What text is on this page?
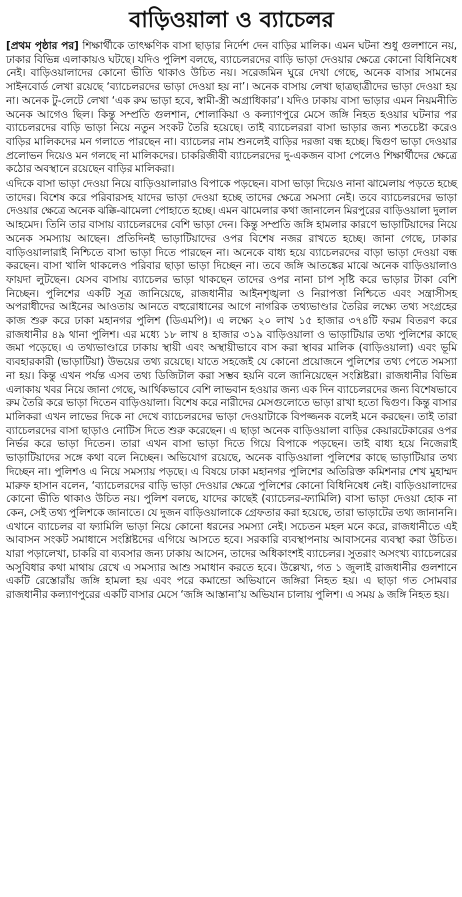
বাড়িওয়ালা ও ব্যাচেলর

[প্রথম পৃষ্ঠার পর] শিক্ষার্থীকে তাৎক্ষণিক বাসা ছাড়ার নির্দেশ দেন বাড়ির মালিক। এমন ঘটনা শুধু গুলশানে নয়, ঢাকার বিভিন্ন এলাকায়ও ঘটছে। যদিও পুলিশ বলছে, ব্যাচেলরদের বাড়ি ভাড়া দেওয়ার ক্ষেত্রে কোনো বিধিনিষেধ নেই। বাড়িওয়ালাদের কোনো ভীতি থাকাও উচিত নয়। সরেজমিন ঘুরে দেখা গেছে, অনেক বাসার সামনের সাইনবোর্ড লেখা রয়েছে ‘ব্যাচেলরদের ভাড়া দেওয়া হয় না’। অনেক বাসায় লেখা ছাত্রছাত্রীদের ভাড়া দেওয়া হয় না। অনেক টু-লেটে লেখা ‘এক রুম ভাড়া হবে, স্বামী-স্ত্রী অগ্রাধিকার’। যদিও ঢাকায় বাসা ভাড়ার এমন নিয়মনীতি অনেক আগেও ছিল। কিন্তু সম্প্রতি গুলশান, শোলাকিয়া ও কল্যাণপুরে মেসে জঙ্গি নিহত হওয়ার ঘটনার পর ব্যাচেলরদের বাড়ি ভাড়া নিয়ে নতুন সংকট তৈরি হয়েছে। তাই ব্যাচেলররা বাসা ভাড়ার জন্য শতচেষ্টা করেও বাড়ির মালিকদের মন গলাতে পারছেন না। ব্যাচেলর নাম শুনলেই বাড়ির দরজা বন্ধ হচ্ছে। দ্বিগুণ ভাড়া দেওয়ার প্রলোভন দিয়েও মন গলছে না মালিকদের। চাকরিজীবী ব্যাচেলরদের দু-একজন বাসা পেলেও শিক্ষার্থীদের ক্ষেত্রে কঠোর অবস্থানে রয়েছেন বাড়ির মালিকরা।

এদিকে বাসা ভাড়া দেওয়া নিয়ে বাড়িওয়ালারাও বিপাকে পড়ছেন। বাসা ভাড়া দিয়েও নানা ঝামেলায় পড়তে হচ্ছে তাদের। বিশেষ করে পরিবারসহ যাদের ভাড়া দেওয়া হচ্ছে তাদের ক্ষেত্রে সমস্যা নেই। তবে ব্যাচেলরদের ভাড়া দেওয়ার ক্ষেত্রে অনেক ঝক্কি-ঝামেলা পোহাতে হচ্ছে। এমন ঝামেলার কথা জানালেন মিরপুরের বাড়িওয়ালা দুলাল আহমেদ। তিনি তার বাসায় ব্যাচেলরদের বেশি ভাড়া দেন। কিন্তু সম্প্রতি জঙ্গি হামলার কারণে ভাড়াটিয়াদের নিয়ে অনেক সমস্যায় আছেন। প্রতিদিনই ভাড়াটিয়াদের ওপর বিশেষ নজর রাখতে হচ্ছে। জানা গেছে, ঢাকার বাড়িওয়ালারাই নিশ্চিতে বাসা ভাড়া দিতে পারছেন না। অনেকে বাধ্য হয়ে ব্যাচেলরদের বাড়া ভাড়া দেওয়া বন্ধ করছেন। বাসা খালি থাকলেও পরিবার ছাড়া ভাড়া দিচ্ছেন না। তবে জঙ্গি আতঙ্কের মাঝে অনেক বাড়িওয়ালাও ফায়দা লুটছেন। যেসব বাসায় ব্যাচেলর ভাড়া থাকছেন তাদের ওপর নানা চাপ সৃষ্টি করে ভাড়ার টাকা বেশি নিচ্ছেন। পুলিশের একটি সূত্র জানিয়েছে, রাজধানীর আইনশৃঙ্খলা ও নিরাপত্তা নিশ্চিতে এবং সন্ত্রাসীসহ অপরাধীদের আইনের আওতায় আনতে বহুরোধানের আগে নাগরিক তথ্যভাণ্ডার তৈরির লক্ষ্যে তথ্য সংগ্রহের কাজ শুরু করে ঢাকা মহানগর পুলিশ (ডিএমপি)। এ লক্ষ্যে ২০ লাখ ১৫ হাজার ৩৭৪টি ফরম বিতরণ করে রাজধানীর ৪৯ থানা পুলিশ। এর মধ্যে ১৮ লাখ ৪ হাজার ৩১৯ বাড়িওয়ালা ও ভাড়াটিয়ার তথ্য পুলিশের কাছে জমা পড়েছে। এ তথ্যভাণ্ডারে ঢাকায় স্থায়ী এবং অস্থায়ীভাবে বাস করা স্থাবর মালিক (বাড়িওয়ালা) এবং ভূমি ব্যবহারকারী (ভাড়াটিয়া) উভয়ের তথ্য রয়েছে। যাতে সহজেই যে কোনো প্রয়োজনে পুলিশের তথ্য পেতে সমস্যা না হয়। কিন্তু এখন পর্যন্ত এসব তথ্য ডিজিটাল করা সম্ভব হয়নি বলে জানিয়েছেন সংশ্লিষ্টরা। রাজধানীর বিভিন্ন এলাকায় খবর নিয়ে জানা গেছে, আর্থিকভাবে বেশি লাভবান হওয়ার জন্য এক দিন ব্যাচেলরদের জন্য বিশেষভাবে রুম তৈরি করে ভাড়া দিতেন বাড়িওয়ালা। বিশেষ করে নারীদের মেসগুলোতে ভাড়া রাখা হতো দ্বিগুণ। কিন্তু বাসার মালিকরা এখন লাভের দিকে না দেখে ব্যাচেলরদের ভাড়া দেওয়াটাকে বিপজ্জনক বলেই মনে করছেন। তাই তারা ব্যাচেলরদের বাসা ছাড়াও নোটিস দিতে শুরু করেছেন। এ ছাড়া অনেক বাড়িওয়ালা বাড়ির কেয়ারটেকারের ওপর নির্ভর করে ভাড়া দিতেন। তারা এখন বাসা ভাড়া দিতে গিয়ে বিপাকে পড়ছেন। তাই বাধ্য হয়ে নিজেরাই ভাড়াটিয়াদের সঙ্গে কথা বলে নিচ্ছেন। অভিযোগ রয়েছে, অনেক বাড়িওয়ালা পুলিশের কাছে ভাড়াটিয়ার তথ্য দিচ্ছেন না। পুলিশও এ নিয়ে সমস্যায় পড়ছে। এ বিষয়ে ঢাকা মহানগর পুলিশের অতিরিক্ত কমিশনার শেখ মুহাম্মদ মারুফ হাসান বলেন, ‘ব্যাচেলরদের বাড়ি ভাড়া দেওয়ার ক্ষেত্রে পুলিশের কোনো বিধিনিষেধ নেই। বাড়িওয়ালাদের কোনো ভীতি থাকাও উচিত নয়। পুলিশ বলছে, যাদের কাছেই (ব্যাচেলর-ফ্যামিলি) বাসা ভাড়া দেওয়া হোক না কেন, সেই তথ্য পুলিশকে জানাতে। যে দুজন বাড়িওয়ালাকে গ্রেফতার করা হয়েছে, তারা ভাড়াটের তথ্য জানাননি। এখানে ব্যাচেলর বা ফ্যামিলি ভাড়া নিয়ে কোনো ধরনের সমস্যা নেই। সচেতন মহল মনে করে, রাজধানীতে এই আবাসন সংকট সমাধানে সংশ্লিষ্টদের এগিয়ে আসতে হবে। সরকারি ব্যবস্থাপনায় আবাসনের ব্যবস্থা করা উচিত। যারা পড়ালেখা, চাকরি বা ব্যবসার জন্য ঢাকায় আসেন, তাদের অধিকাংশই ব্যাচেলর। সুতরাং অসংখ্য ব্যাচেলরের অসুবিধার কথা মাথায় রেখে এ সমস্যার আশু সমাধান করতে হবে। উল্লেখ্য, গত ১ জুলাই রাজধানীর গুলশানে একটি রেস্তোরাঁয় জঙ্গি হামলা হয় এবং পরে কমান্ডো অভিযানে জঙ্গিরা নিহত হয়। এ ছাড়া গত সোমবার রাজধানীর কল্যাণপুরের একটি বাসার মেসে ‘জঙ্গি আস্তানা’য় অভিযান চালায় পুলিশ। এ সময় ৯ জঙ্গি নিহত হয়।
